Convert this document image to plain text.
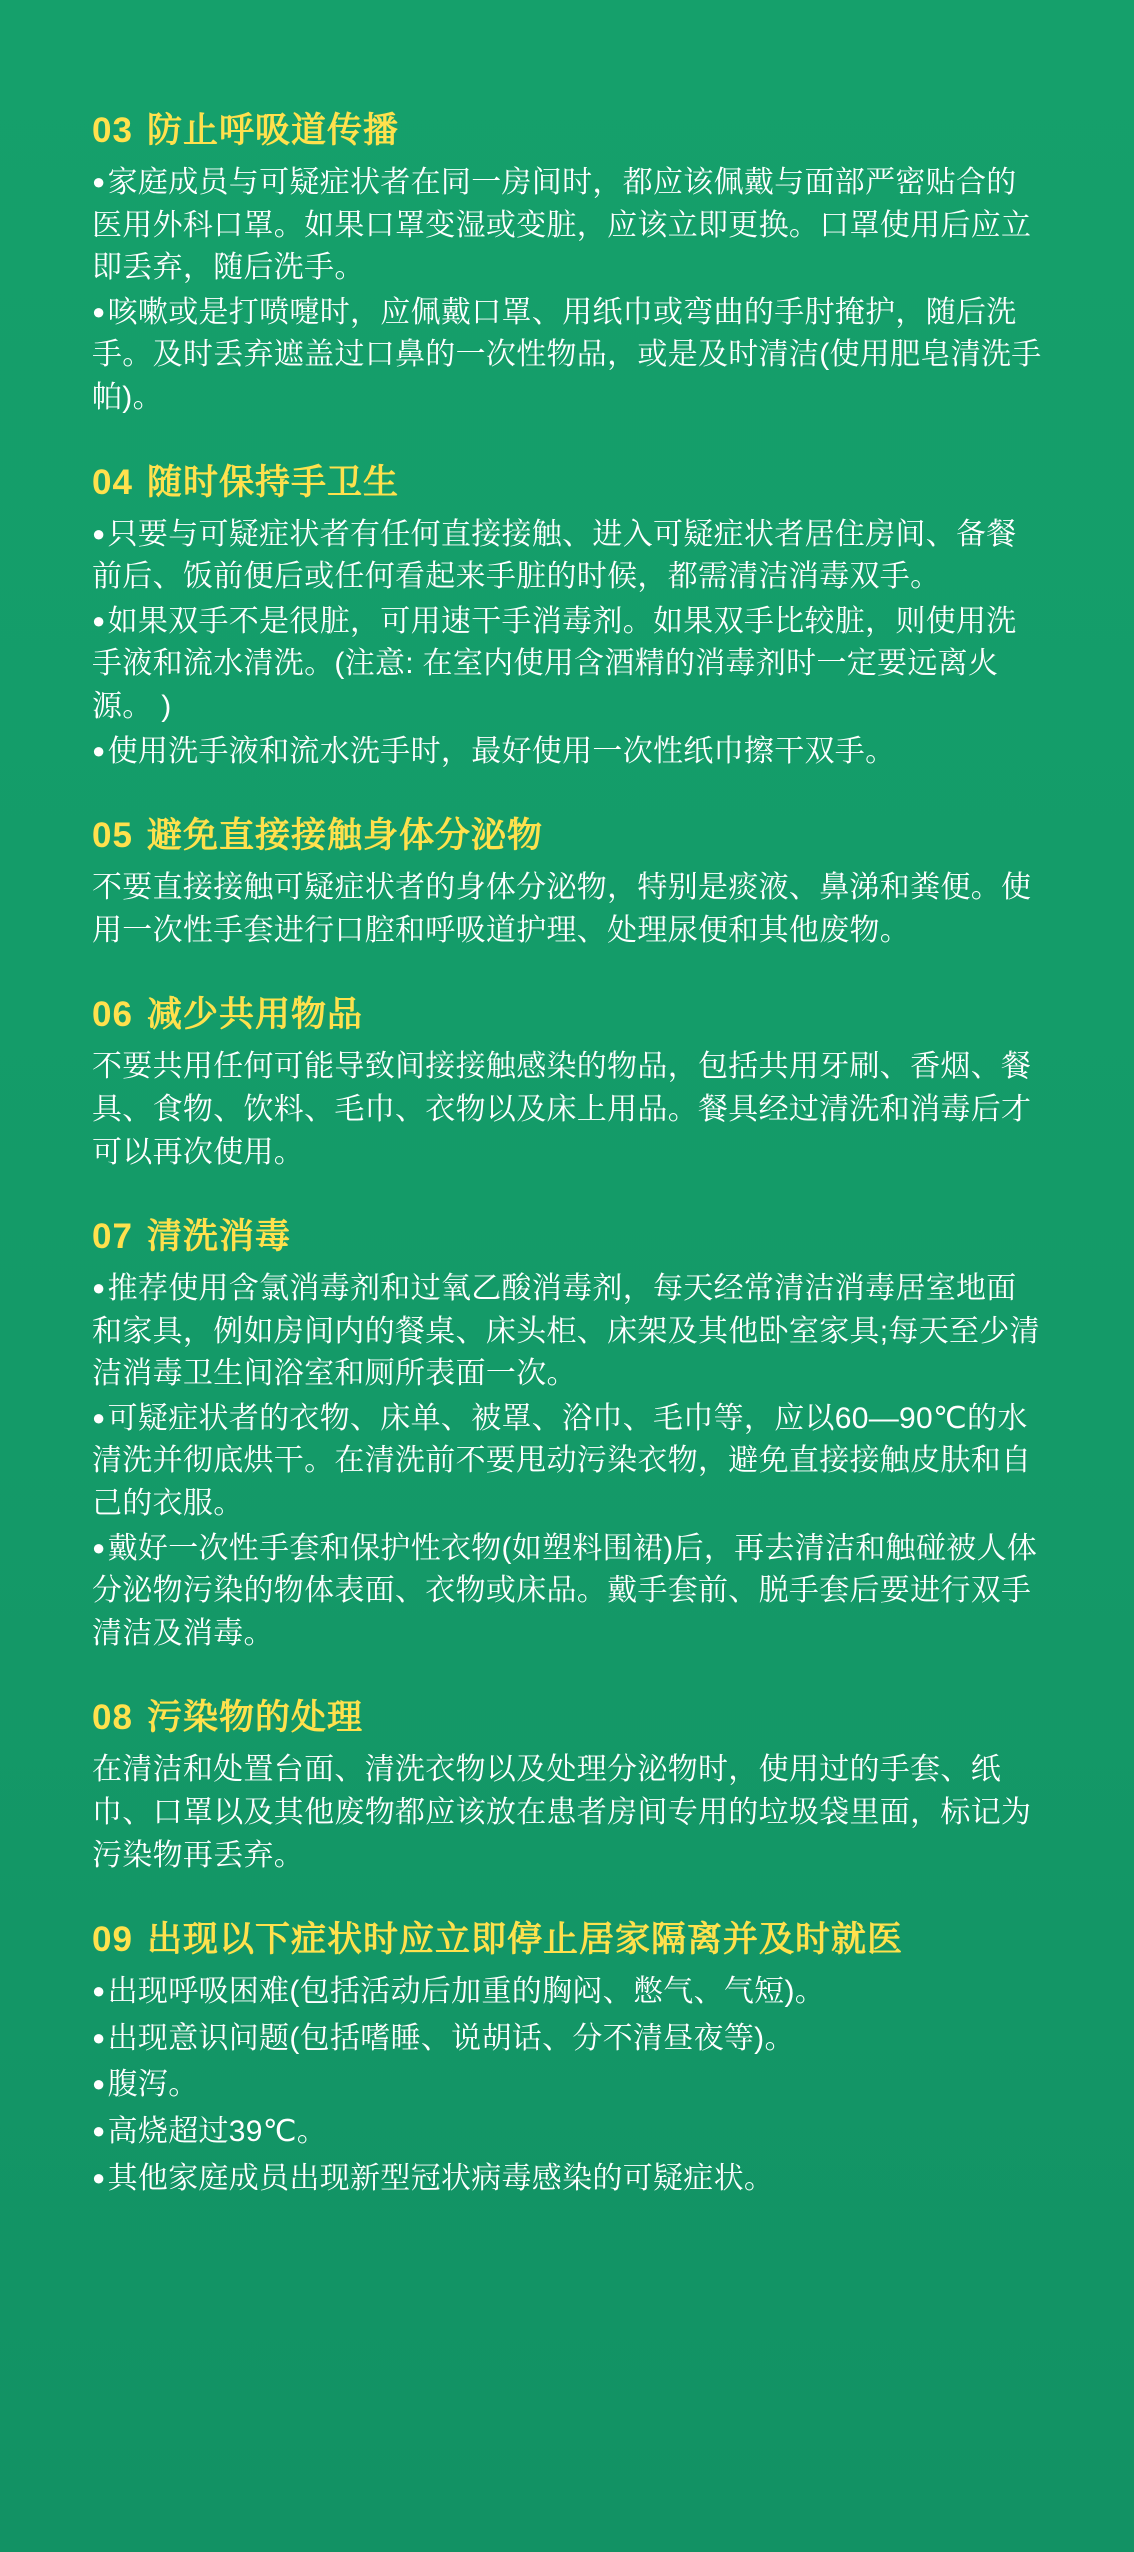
03 防止呼吸道传播

●家庭成员与可疑症状者在同一房间时，都应该佩戴与面部严密贴合的医用外科口罩。如果口罩变湿或变脏，应该立即更换。口罩使用后应立即丢弃，随后洗手。

●咳嗽或是打喷嚏时，应佩戴口罩、用纸巾或弯曲的手肘掩护，随后洗手。及时丢弃遮盖过口鼻的一次性物品，或是及时清洁(使用肥皂清洗手帕)。

04 随时保持手卫生

●只要与可疑症状者有任何直接接触、进入可疑症状者居住房间、备餐前后、饭前便后或任何看起来手脏的时候，都需清洁消毒双手。

●如果双手不是很脏，可用速干手消毒剂。如果双手比较脏，则使用洗手液和流水清洗。(注意: 在室内使用含酒精的消毒剂时一定要远离火源。 )

●使用洗手液和流水洗手时，最好使用一次性纸巾擦干双手。

05 避免直接接触身体分泌物

不要直接接触可疑症状者的身体分泌物，特别是痰液、鼻涕和粪便。使用一次性手套进行口腔和呼吸道护理、处理尿便和其他废物。

06 减少共用物品

不要共用任何可能导致间接接触感染的物品，包括共用牙刷、香烟、餐具、食物、饮料、毛巾、衣物以及床上用品。餐具经过清洗和消毒后才可以再次使用。

07 清洗消毒

●推荐使用含氯消毒剂和过氧乙酸消毒剂，每天经常清洁消毒居室地面和家具，例如房间内的餐桌、床头柜、床架及其他卧室家具;每天至少清洁消毒卫生间浴室和厕所表面一次。

●可疑症状者的衣物、床单、被罩、浴巾、毛巾等，应以60—90℃的水清洗并彻底烘干。在清洗前不要甩动污染衣物，避免直接接触皮肤和自己的衣服。

●戴好一次性手套和保护性衣物(如塑料围裙)后，再去清洁和触碰被人体分泌物污染的物体表面、衣物或床品。戴手套前、脱手套后要进行双手清洁及消毒。

08 污染物的处理

在清洁和处置台面、清洗衣物以及处理分泌物时，使用过的手套、纸巾、口罩以及其他废物都应该放在患者房间专用的垃圾袋里面，标记为污染物再丢弃。

09 出现以下症状时应立即停止居家隔离并及时就医

●出现呼吸困难(包括活动后加重的胸闷、憋气、气短)。

●出现意识问题(包括嗜睡、说胡话、分不清昼夜等)。

●腹泻。

●高烧超过39℃。

●其他家庭成员出现新型冠状病毒感染的可疑症状。
